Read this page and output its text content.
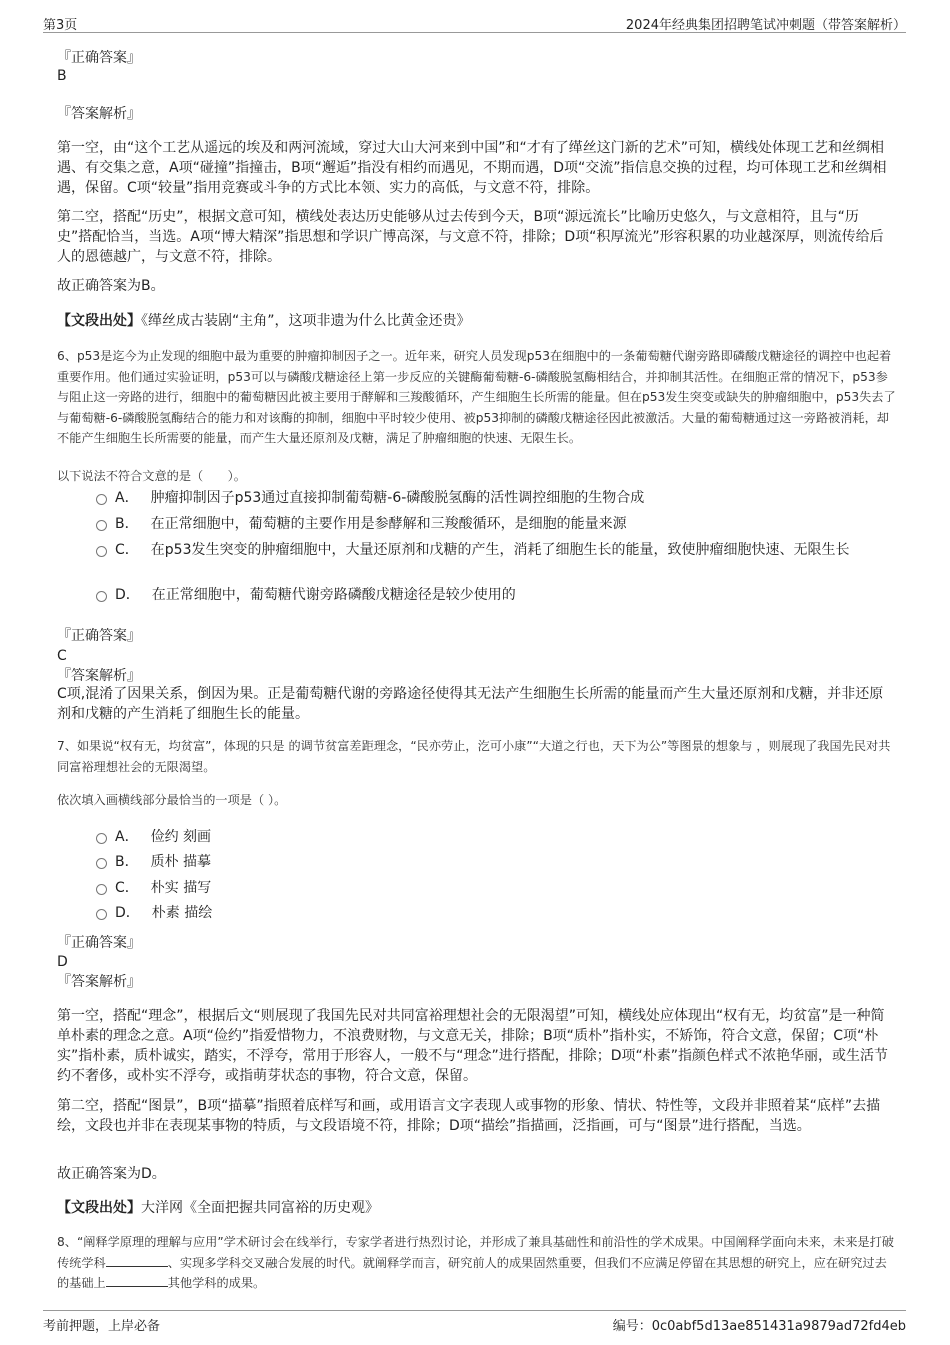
第3页	2024年经典集团招聘笔试冲刺题（带答案解析）
『正确答案』
B
『答案解析』
第一空，由“这个工艺从遥远的埃及和两河流域，穿过大山大河来到中国”和“才有了缂丝这门新的艺术”可知，横线处体现工艺和丝绸相遇、有交集之意，A项“碰撞”指撞击，B项“邂逅”指没有相约而遇见，不期而遇，D项“交流”指信息交换的过程，均可体现工艺和丝绸相遇，保留。C项“较量”指用竞赛或斗争的方式比本领、实力的高低，与文意不符，排除。
第二空，搭配“历史”，根据文意可知，横线处表达历史能够从过去传到今天，B项“源远流长”比喻历史悠久，与文意相符，且与“历史”搭配恰当，当选。A项“博大精深”指思想和学识广博高深，与文意不符，排除；D项“积厚流光”形容积累的功业越深厚，则流传给后人的恩德越广，与文意不符，排除。
故正确答案为B。
【文段出处】《缂丝成古装剧“主角”，这项非遗为什么比黄金还贵》
6、p53是迄今为止发现的细胞中最为重要的肿瘤抑制因子之一。近年来，研究人员发现p53在细胞中的一条葡萄糖代谢旁路即磷酸戊糖途径的调控中也起着重要作用。他们通过实验证明，p53可以与磷酸戊糖途径上第一步反应的关键酶葡萄糖-6-磷酸脱氢酶相结合，并抑制其活性。在细胞正常的情况下，p53参与阻止这一旁路的进行，细胞中的葡萄糖因此被主要用于酵解和三羧酸循环，产生细胞生长所需的能量。但在p53发生突变或缺失的肿瘤细胞中，p53失去了与葡萄糖-6-磷酸脱氢酶结合的能力和对该酶的抑制，细胞中平时较少使用、被p53抑制的磷酸戊糖途径因此被激活。大量的葡萄糖通过这一旁路被消耗，却不能产生细胞生长所需要的能量，而产生大量还原剂及戊糖，满足了肿瘤细胞的快速、无限生长。
以下说法不符合文意的是（　　）。
A． 肿瘤抑制因子p53通过直接抑制葡萄糖-6-磷酸脱氢酶的活性调控细胞的生物合成
B． 在正常细胞中，葡萄糖的主要作用是参酵解和三羧酸循环，是细胞的能量来源
C． 在p53发生突变的肿瘤细胞中，大量还原剂和戊糖的产生，消耗了细胞生长的能量，致使肿瘤细胞快速、无限生长
D． 在正常细胞中，葡萄糖代谢旁路磷酸戊糖途径是较少使用的
『正确答案』
C
『答案解析』
C项,混淆了因果关系，倒因为果。正是葡萄糖代谢的旁路途径使得其无法产生细胞生长所需的能量而产生大量还原剂和戊糖，并非还原剂和戊糖的产生消耗了细胞生长的能量。
7、如果说“权有无，均贫富”，体现的只是 的调节贫富差距理念，“民亦劳止，汔可小康”“大道之行也，天下为公”等图景的想象与 ，则展现了我国先民对共同富裕理想社会的无限渴望。
依次填入画横线部分最恰当的一项是（ ）。
A． 俭约 刻画
B． 质朴 描摹
C． 朴实 描写
D． 朴素 描绘
『正确答案』
D
『答案解析』
第一空，搭配“理念”，根据后文“则展现了我国先民对共同富裕理想社会的无限渴望”可知，横线处应体现出“权有无，均贫富”是一种简单朴素的理念之意。A项“俭约”指爱惜物力，不浪费财物，与文意无关，排除；B项“质朴”指朴实，不矫饰，符合文意，保留；C项“朴实”指朴素，质朴诚实，踏实，不浮夸，常用于形容人，一般不与“理念”进行搭配，排除；D项“朴素”指颜色样式不浓艳华丽，或生活节约不奢侈，或朴实不浮夸，或指萌芽状态的事物，符合文意，保留。
第二空，搭配“图景”，B项“描摹”指照着底样写和画，或用语言文字表现人或事物的形象、情状、特性等，文段并非照着某“底样”去描绘，文段也并非在表现某事物的特质，与文段语境不符，排除；D项“描绘”指描画，泛指画，可与“图景”进行搭配，当选。
故正确答案为D。
【文段出处】大洋网《全面把握共同富裕的历史观》
8、“阐释学原理的理解与应用”学术研讨会在线举行，专家学者进行热烈讨论，并形成了兼具基础性和前沿性的学术成果。中国阐释学面向未来，未来是打破传统学科	、实现多学科交叉融合发展的时代。就阐释学而言，研究前人的成果固然重要，但我们不应满足停留在其思想的研究上，应在研究过去的基础上	其他学科的成果。
考前押题，上岸必备	编号：0c0abf5d13ae851431a9879ad72fd4eb
